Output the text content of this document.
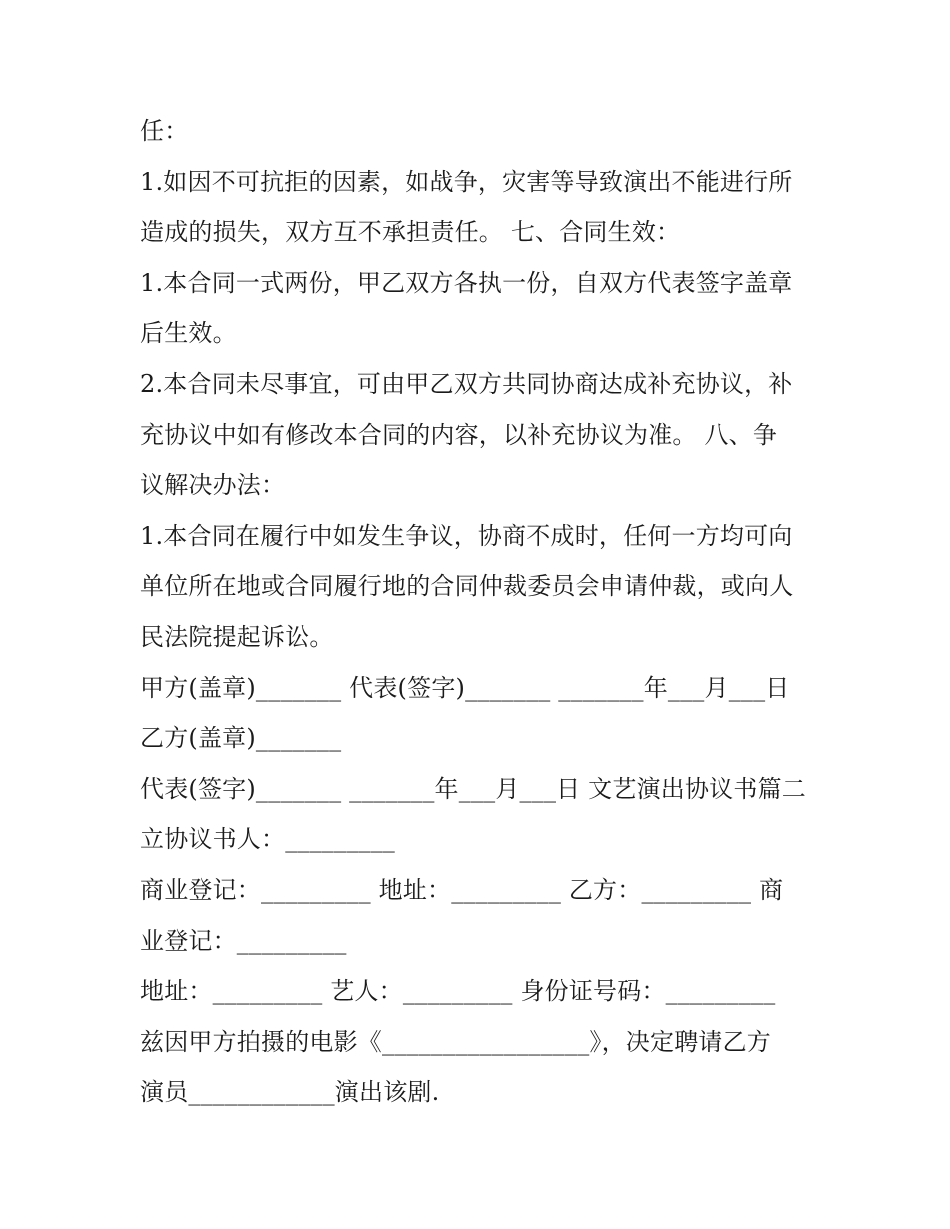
任：
1.如因不可抗拒的因素，如战争，灾害等导致演出不能进行所
造成的损失，双方互不承担责任。 七、合同生效：
1.本合同一式两份，甲乙双方各执一份，自双方代表签字盖章
后生效。
2.本合同未尽事宜，可由甲乙双方共同协商达成补充协议，补
充协议中如有修改本合同的内容，以补充协议为准。 八、争
议解决办法：
1.本合同在履行中如发生争议，协商不成时，任何一方均可向
单位所在地或合同履行地的合同仲裁委员会申请仲裁，或向人
民法院提起诉讼。
甲方(盖章)_______ 代表(签字)_______ _______年___月___日
乙方(盖章)_______
代表(签字)_______ _______年___月___日 文艺演出协议书篇二
立协议书人：_________
商业登记：_________ 地址：_________ 乙方：_________ 商
业登记：_________
地址：_________ 艺人：_________ 身份证号码：_________
兹因甲方拍摄的电影《_________________》，决定聘请乙方
演员____________演出该剧.
